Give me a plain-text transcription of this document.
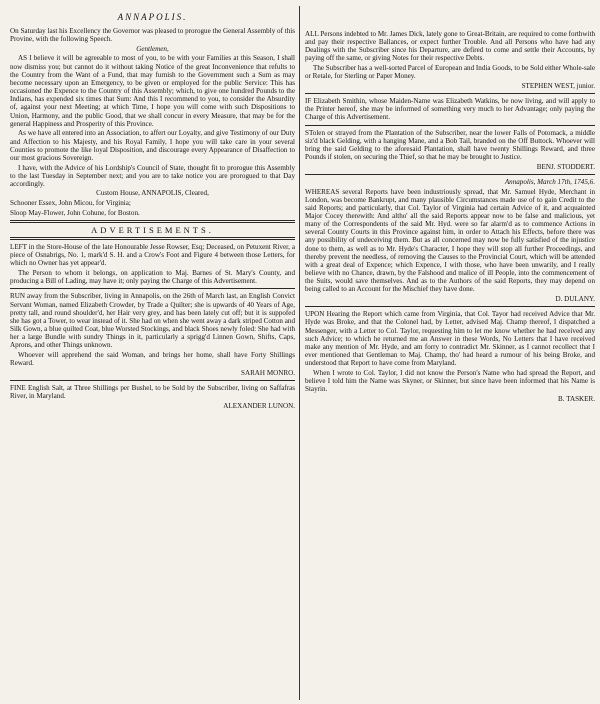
ANNAPOLIS.

On Saturday last his Excellency the Governor was pleased to prorogue the General Assembly of this Provine, with the following Speech.

Gentlemen,

AS I believe it will be agreeable to most of you, to be with your Families at this Season, I shall now dismiss you; but cannot do it without taking Notice of the great Inconvenience that refults to the Country from the Want of a Fund, that may furnish to the Government such a Sum as may become necessary upon an Emergency, to be given or employed for the public Service: This has occasioned the Expence to the Country of this Assembly; which, to give one hundred Pounds to the Indians, has expended six times that Sum: And this I recommend to you, to consider the Absurdity of, against your next Meeting; at which Time, I hope you will come with such Dispositions to Union, Harmony, and the public Good, that we shall concur in every Measure, that may be for the general Happiness and Prosperity of this Province.

As we have all entered into an Association, to affert our Loyalty, and give Testimony of our Duty and Affection to his Majesty, and his Royal Family, I hope you will take care in your several Counties to promote the like loyal Disposition, and discourage every Appearance of Disaffection to our most gracious Sovereign.

I have, with the Advice of his Lordship's Council of State, thought fit to prorogue this Assembly to the last Tuesday in September next; and you are to take notice you are prorogued to that Day accordingly.

Custom House, ANNAPOLIS, Cleared,

Schooner Essex, John Micou, for Virginia;

Sloop May-Flower, John Cohune, for Boston.

ADVERTISEMENTS.

LEFT in the Store-House of the late Honourable Jesse Rowser, Esq; Deceased, on Petuxent River, a piece of Osnabrigs, No. 1, mark'd S. H. and a Crow's Foot and Figure 4 between those Letters, for which no Owner has yet appear'd.

The Person to whom it belongs, on application to Maj. Barnes of St. Mary's County, and producing a Bill of Lading, may have it; only paying the Charge of this Advertisement.

RUN away from the Subscriber, living in Annapolis, on the 26th of March last, an English Convict Servant Woman, named Elizabeth Crowder, by Trade a Quilter; she is upwards of 40 Years of Age, pretty tall, and round shoulder'd, her Hair very grey, and has been lately cut off; but it is suppofed she has got a Tower, to wear instead of it. She had on when she went away a dark striped Cotton and Silk Gown, a blue quilted Coat, blue Worsted Stockings, and black Shoes newly foled: She had with her a large Bundle with sundry Things in it, particularly a sprigg'd Linnen Gown, Shifts, Caps, Aprons, and other Things unknown.

Whoever will apprehend the said Woman, and brings her home, shall have Forty Shillings Reward.

SARAH MONRO.

FINE English Salt, at Three Shillings per Bushel, to be Sold by the Subscriber, living on Saffafras River, in Maryland.

ALEXANDER LUNON.

ALL Persons indebted to Mr. James Dick, lately gone to Great-Britain, are required to come forthwith and pay their respective Ballances, or expect further Trouble. And all Persons who have had any Dealings with the Subscriber since his Departure, are defired to come and settle their Accounts, by paying off the same, or giving Notes for their respective Debts.

The Subscriber has a well-sorted Parcel of European and India Goods, to be Sold either Whole-sale or Retale, for Sterling or Paper Money.

STEPHEN WEST, junior.

IF Elizabeth Smithin, whose Maiden-Name was Elizabeth Watkins, be now living, and will apply to the Printer hereof, she may be informed of something very much to her Advantage; only paying the Charge of this Advertisement.

STolen or strayed from the Plantation of the Subscriber, near the lower Falls of Potomack, a middle siz'd black Gelding, with a hanging Mane, and a Bob Tail, branded on the Off Buttock. Whoever will bring the said Gelding to the aforesaid Plantation, shall have twenty Shillings Reward, and three Pounds if stolen, on securing the Thief, so that he may be brought to Justice.

BENJ. STODDERT.

Annapolis, March 17th, 1745,6.

WHEREAS several Reports have been industriously spread, that Mr. Samuel Hyde, Merchant in London, was become Bankrupt, and many plausible Circumstances made use of to gain Credit to the said Reports; and particularly, that Col. Taylor of Virginia had certain Advice of it, and acquainted Major Cocey therewith: And altho' all the said Reports appear now to be false and malicious, yet many of the Correspondents of the said Mr. Hyd. were so far alarm'd as to commence Actions in several County Courts in this Province against him, in order to Attach his Effects, before there was any possibility of undeceiving them. But as all concerned may now be fully satisfied of the injustice done to them, as well as to Mr. Hyde's Character, I hope they will stop all further Proceedings, and thereby prevent the needless, of removing the Causes to the Provincial Court, which will be attended with a great deal of Expence; which Expence, I with those, who have been unwarily, and I really believe with no Chance, drawn, by the Falshood and malice of ill People, into the commencement of the Suits, would save themselves. And as to the Authors of the said Reports, they may depend on being called to an Account for the Mischief they have done.

D. DULANY.

UPON Hearing the Report which came from Virginia, that Col. Tayor had received Advice that Mr. Hyde was Broke, and that the Colonel had, by Letter, advised Maj. Champ thereof, I dispatched a Messenger, with a Letter to Col. Taylor, requesting him to let me know whether he had received any such Advice; to which he returned me an Answer in these Words, No Letters that I have received make any mention of Mr. Hyde, and am forry to contradict Mr. Skinner, as I cannot recollect that I ever mentioned that Gentleman to Maj. Champ, tho' had heard a rumour of his being Broke, and understood that Report to have come from Maryland.

When I wrote to Col. Taylor, I did not know the Person's Name who had spread the Report, and believe I told him the Name was Skyner, or Skinner, but since have been informed that his Name is Stayrin.

B. TASKER.
